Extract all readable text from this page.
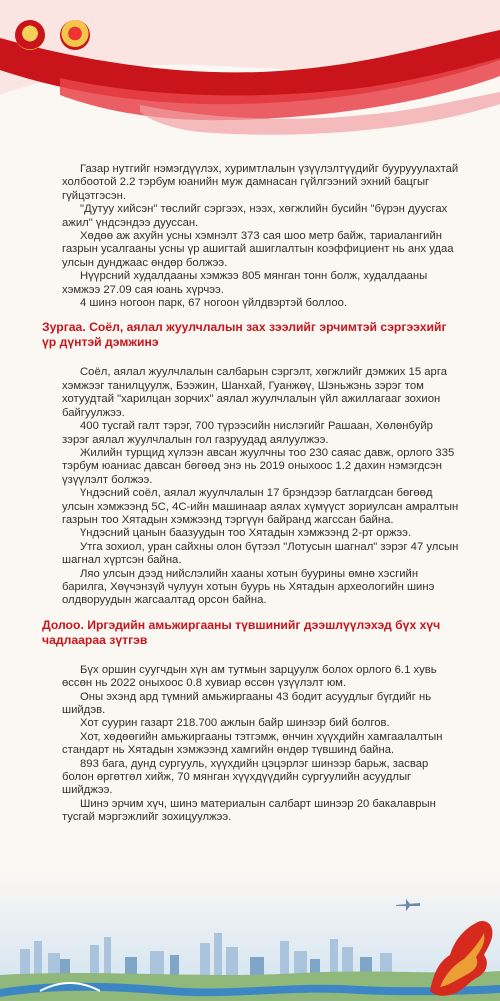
Газар нутгийг нэмэгдүүлэх, хуримтлалын үзүүлэлтүүдийг буурууулахтай холбоотой 2.2 тэрбум юанийн муж дамнасан гүйлгээний эхний бацгыг гүйцэтгэсэн.

"Дутуу хийсэн" төслийг сэргээх, нээх, хөгжлийн бусийн "бүрэн дуусгах ажил" үндсэндээ дууссан.

Хөдөө аж ахуйн усны хэмнэлт 373 сая шоо метр байж, тариалангийн газрын усалгааны усны үр ашигтай ашиглалтын коэффициент нь анх удаа улсын дунджаас өндөр болжээ.

Нүүрсний худалдааны хэмжээ 805 мянган тонн болж, худалдааны хэмжээ 27.09 сая юань хүрчээ.

4 шинэ ногоон парк, 67 ногоон үйлдвэртэй боллоо.

Зургаа. Соёл, аялал жуулчлалын зах зээлийг эрчимтэй сэргээхийг үр дүнтэй дэмжинэ

Соёл, аялал жуулчлалын салбарын сэргэлт, хөгжлийг дэмжих 15 арга хэмжээг танилцуулж, Бээжин, Шанхай, Гуанжөү, Шэньжэнь зэрэг том хотуудтай "харилцан зорчих" аялал жуулчлалын үйл ажиллагааг зохион байгуулжээ.

400 тусгай галт тэрэг, 700 түрээсийн нислэгийг Рашаан, Хөлөнбуйр зэрэг аялал жуулчлалын гол газруудад аялуулжээ.

Жилийн турщид хүлээн авсан жуулчны тоо 230 саяас давж, орлого 335 тэрбум юаниас давсан бөгөөд энэ нь 2019 оныхоос 1.2 дахин нэмэгдсэн үзүүлэлт болжээ.

Үндэсний соёл, аялал жуулчлалын 17 брэндээр батлагдсан бөгөөд улсын хэмжээнд 5С, 4С-ийн машинаар аялах хүмүүст зориулсан амралтын газрын тоо Хятадын хэмжээнд тэргүүн байранд жагссан байна.

Үндэсний цанын баазуудын тоо Хятадын хэмжээнд 2-рт оржээ.

Утга зохиол, уран сайхны олон бүтээл "Лотусын шагнал" зэрэг 47 улсын шагнал хүртсэн байна.

Ляо улсын дээд нийслэлийн хааны хотын буурины өмнө хэсгийн барилга, Хөүчэнзүй чулуун хотын буурь нь Хятадын археологийн шинэ олдворуудын жагсаалтад орсон байна.

Долоо. Иргэдийн амьжиргааны түвшинийг дээшлүүлэхэд бүх хүч чадлаараа зүтгэв

Бүх оршин суугчдын хүн ам тутмын зарцуулж болох орлого 6.1 хувь өссөн нь 2022 оныхоос 0.8 хувиар өссөн үзүүлэлт юм.

Оны эхэнд ард түмний амьжиргааны 43 бодит асуудлыг бүгдийг нь шийдэв.

Хот суурин газарт 218.700 ажлын байр шинээр бий болгов.

Хот, хөдөөгийн амьжиргааны тэтгэмж, өнчин хүүхдийн хамгаалалтын стандарт нь Хятадын хэмжээнд хамгийн өндөр түвшинд байна.

893 бага, дунд сургууль, хүүхдийн цэцэрлэг шинээр барьж, засвар болон өргөтгөл хийж, 70 мянган хүүхдүүдийн сургуулийн асуудлыг шийджээ.

Шинэ эрчим хүч, шинэ материалын салбарт шинээр 20 бакалаврын тусгай мэргэжлийг зохицуулжээ.
